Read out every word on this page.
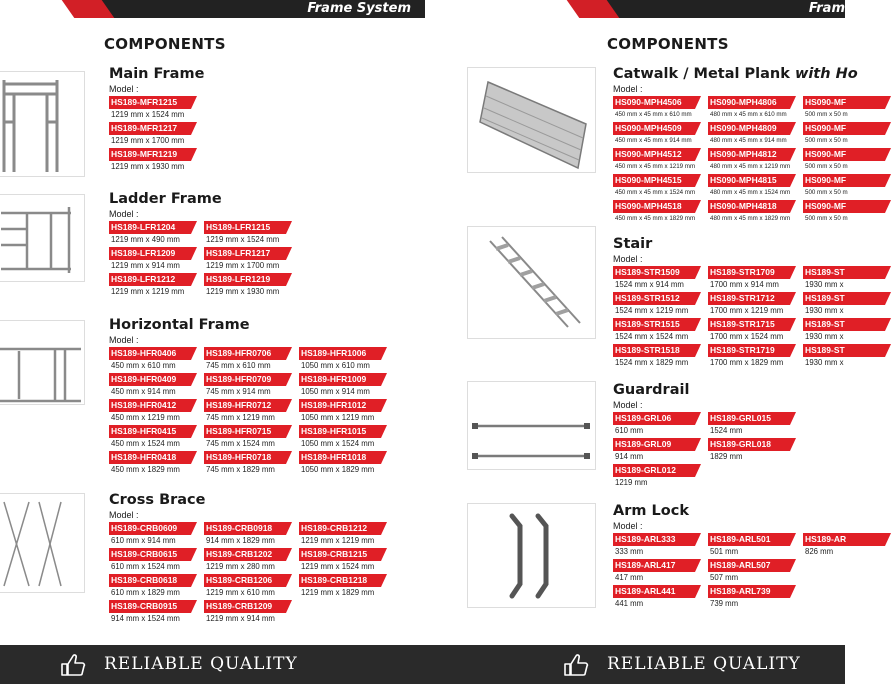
Frame System
COMPONENTS
Main Frame
Model :
HS189-MFR1215
1219 mm x 1524 mm
HS189-MFR1217
1219 mm x 1700 mm
HS189-MFR1219
1219 mm x 1930 mm
Ladder Frame
Model :
HS189-LFR1204
1219 mm x 490 mm
HS189-LFR1209
1219 mm x 914 mm
HS189-LFR1212
1219 mm x 1219 mm
HS189-LFR1215
1219 mm x 1524 mm
HS189-LFR1217
1219 mm x 1700 mm
HS189-LFR1219
1219 mm x 1930 mm
Horizontal Frame
Model :
HS189-HFR0406
450 mm x 610 mm
HS189-HFR0409
450 mm x 914 mm
HS189-HFR0412
450 mm x 1219 mm
HS189-HFR0415
450 mm x 1524 mm
HS189-HFR0418
450 mm x 1829 mm
HS189-HFR0706
745 mm x 610 mm
HS189-HFR0709
745 mm x 914 mm
HS189-HFR0712
745 mm x 1219 mm
HS189-HFR0715
745 mm x 1524 mm
HS189-HFR0718
745 mm x 1829 mm
HS189-HFR1006
1050 mm x 610 mm
HS189-HFR1009
1050 mm x 914 mm
HS189-HFR1012
1050 mm x 1219 mm
HS189-HFR1015
1050 mm x 1524 mm
HS189-HFR1018
1050 mm x 1829 mm
Cross Brace
Model :
HS189-CRB0609
610 mm x 914 mm
HS189-CRB0615
610 mm x 1524 mm
HS189-CRB0618
610 mm x 1829 mm
HS189-CRB0915
914 mm x 1524 mm
HS189-CRB0918
914 mm x 1829 mm
HS189-CRB1202
1219 mm x 280 mm
HS189-CRB1206
1219 mm x 610 mm
HS189-CRB1209
1219 mm x 914 mm
HS189-CRB1212
1219 mm x 1219 mm
HS189-CRB1215
1219 mm x 1524 mm
HS189-CRB1218
1219 mm x 1829 mm
RELIABLE QUALITY
Fram
COMPONENTS
Catwalk / Metal Plank with Ho
Model :
HS090-MPH4506
450 mm x 45 mm x 610 mm
HS090-MPH4509
450 mm x 45 mm x 914 mm
HS090-MPH4512
450 mm x 45 mm x 1219 mm
HS090-MPH4515
450 mm x 45 mm x 1524 mm
HS090-MPH4518
450 mm x 45 mm x 1829 mm
HS090-MPH4806
480 mm x 45 mm x 610 mm
HS090-MPH4809
480 mm x 45 mm x 914 mm
HS090-MPH4812
480 mm x 45 mm x 1219 mm
HS090-MPH4815
480 mm x 45 mm x 1524 mm
HS090-MPH4818
480 mm x 45 mm x 1829 mm
HS090-MF
500 mm x 50 m
HS090-MF
500 mm x 50 m
HS090-MF
500 mm x 50 m
HS090-MF
500 mm x 50 m
HS090-MF
500 mm x 50 m
Stair
Model :
HS189-STR1509
1524 mm x 914 mm
HS189-STR1512
1524 mm x 1219 mm
HS189-STR1515
1524 mm x 1524 mm
HS189-STR1518
1524 mm x 1829 mm
HS189-STR1709
1700 mm x 914 mm
HS189-STR1712
1700 mm x 1219 mm
HS189-STR1715
1700 mm x 1524 mm
HS189-STR1719
1700 mm x 1829 mm
HS189-ST
1930 mm x
HS189-ST
1930 mm x
HS189-ST
1930 mm x
HS189-ST
1930 mm x
Guardrail
Model :
HS189-GRL06
610 mm
HS189-GRL09
914 mm
HS189-GRL012
1219 mm
HS189-GRL015
1524 mm
HS189-GRL018
1829 mm
Arm Lock
Model :
HS189-ARL333
333 mm
HS189-ARL417
417 mm
HS189-ARL441
441 mm
HS189-ARL501
501 mm
HS189-ARL507
507 mm
HS189-ARL739
739 mm
HS189-AR
826 mm
RELIABLE QUALITY
